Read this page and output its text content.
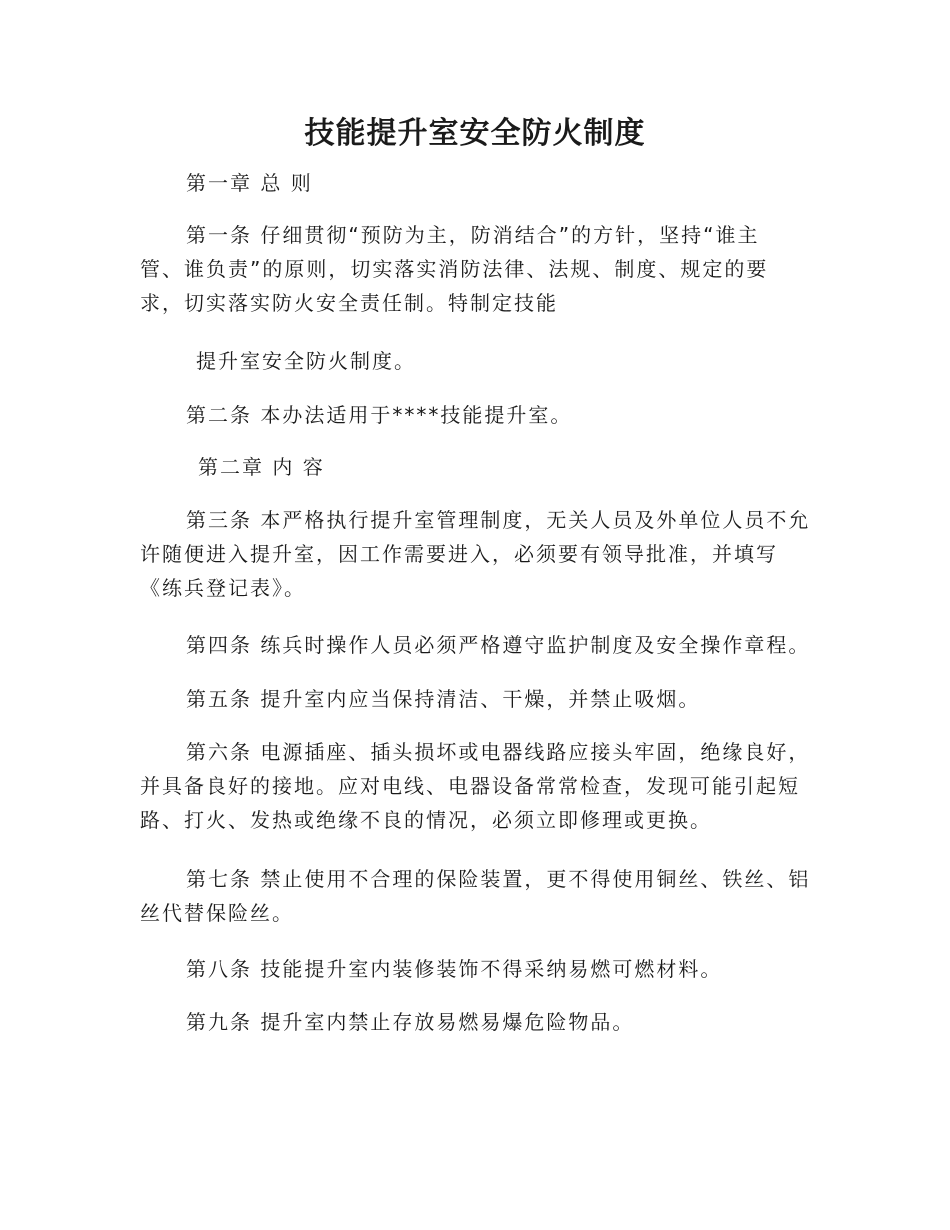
技能提升室安全防火制度
第一章 总 则
第一条 仔细贯彻“预防为主，防消结合”的方针，坚持“谁主
管、谁负责”的原则，切实落实消防法律、法规、制度、规定的要
求，切实落实防火安全责任制。特制定技能
提升室安全防火制度。
第二条 本办法适用于****技能提升室。
第二章 内 容
第三条 本严格执行提升室管理制度，无关人员及外单位人员不允
许随便进入提升室，因工作需要进入，必须要有领导批准，并填写
《练兵登记表》。
第四条 练兵时操作人员必须严格遵守监护制度及安全操作章程。
第五条 提升室内应当保持清洁、干燥，并禁止吸烟。
第六条 电源插座、插头损坏或电器线路应接头牢固，绝缘良好，
并具备良好的接地。应对电线、电器设备常常检查，发现可能引起短
路、打火、发热或绝缘不良的情况，必须立即修理或更换。
第七条 禁止使用不合理的保险装置，更不得使用铜丝、铁丝、铝
丝代替保险丝。
第八条 技能提升室内装修装饰不得采纳易燃可燃材料。
第九条 提升室内禁止存放易燃易爆危险物品。
